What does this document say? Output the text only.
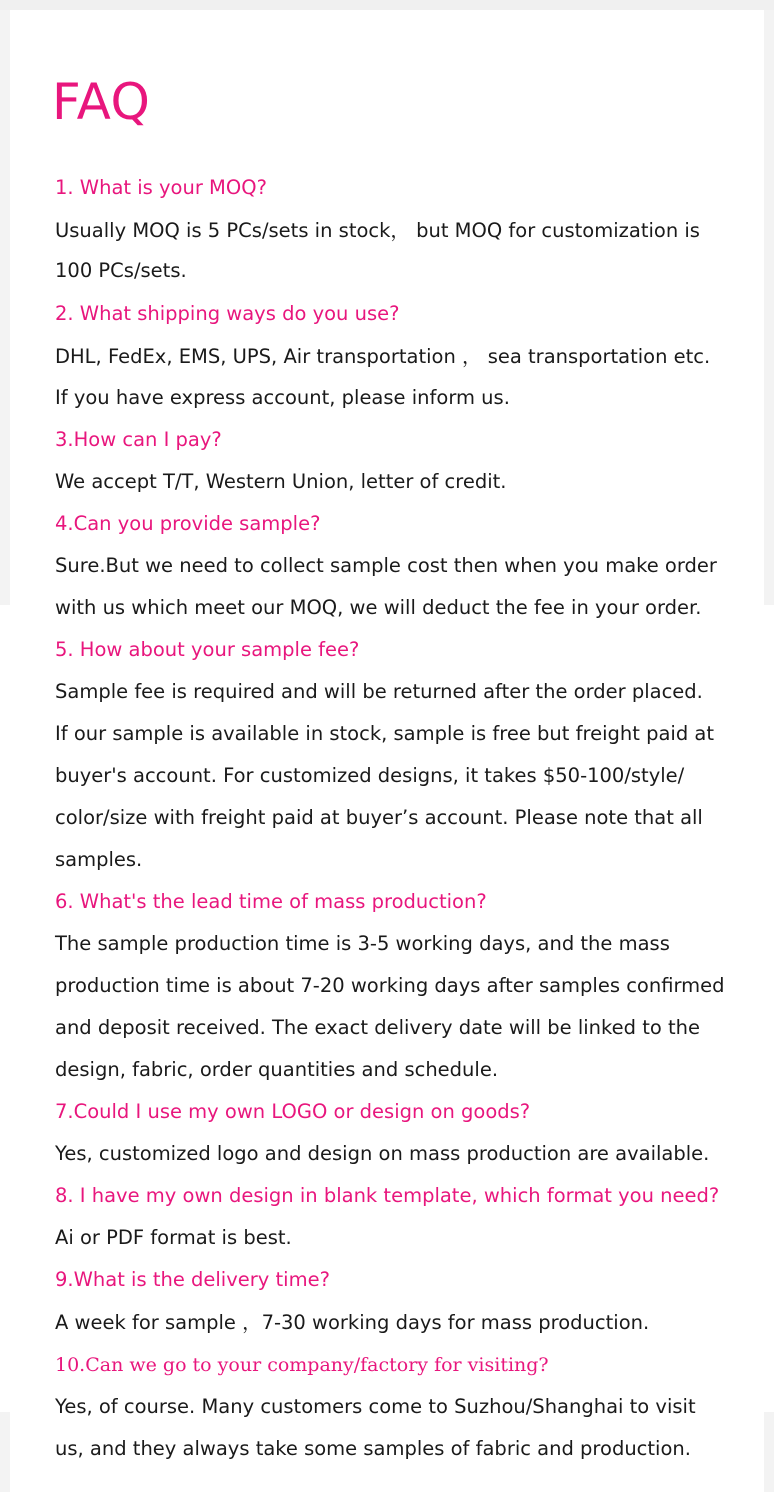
FAQ

1. What is your MOQ?

Usually MOQ is 5 PCs/sets in stock， but MOQ for customization is

100 PCs/sets.

2. What shipping ways do you use?

DHL, FedEx, EMS, UPS, Air transportation ， sea transportation etc.

If you have express account, please inform us.

3.How can I pay?

We accept T/T, Western Union, letter of credit.

4.Can you provide sample?

Sure.But we need to collect sample cost then when you make order

with us which meet our MOQ, we will deduct the fee in your order.

5. How about your sample fee?

Sample fee is required and will be returned after the order placed.

If our sample is available in stock, sample is free but freight paid at

buyer's account. For customized designs, it takes $50-100/style/

color/size with freight paid at buyer’s account. Please note that all

samples.

6. What's the lead time of mass production?

The sample production time is 3-5 working days, and the mass

production time is about 7-20 working days after samples confirmed

and deposit received. The exact delivery date will be linked to the

design, fabric, order quantities and schedule.

7.Could I use my own LOGO or design on goods?

Yes, customized logo and design on mass production are available.

8. I have my own design in blank template, which format you need?

Ai or PDF format is best.

9.What is the delivery time?

A week for sample ，7-30 working days for mass production.

10.Can we go to your company/factory for visiting?

Yes, of course. Many customers come to Suzhou/Shanghai to visit

us, and they always take some samples of fabric and production.
